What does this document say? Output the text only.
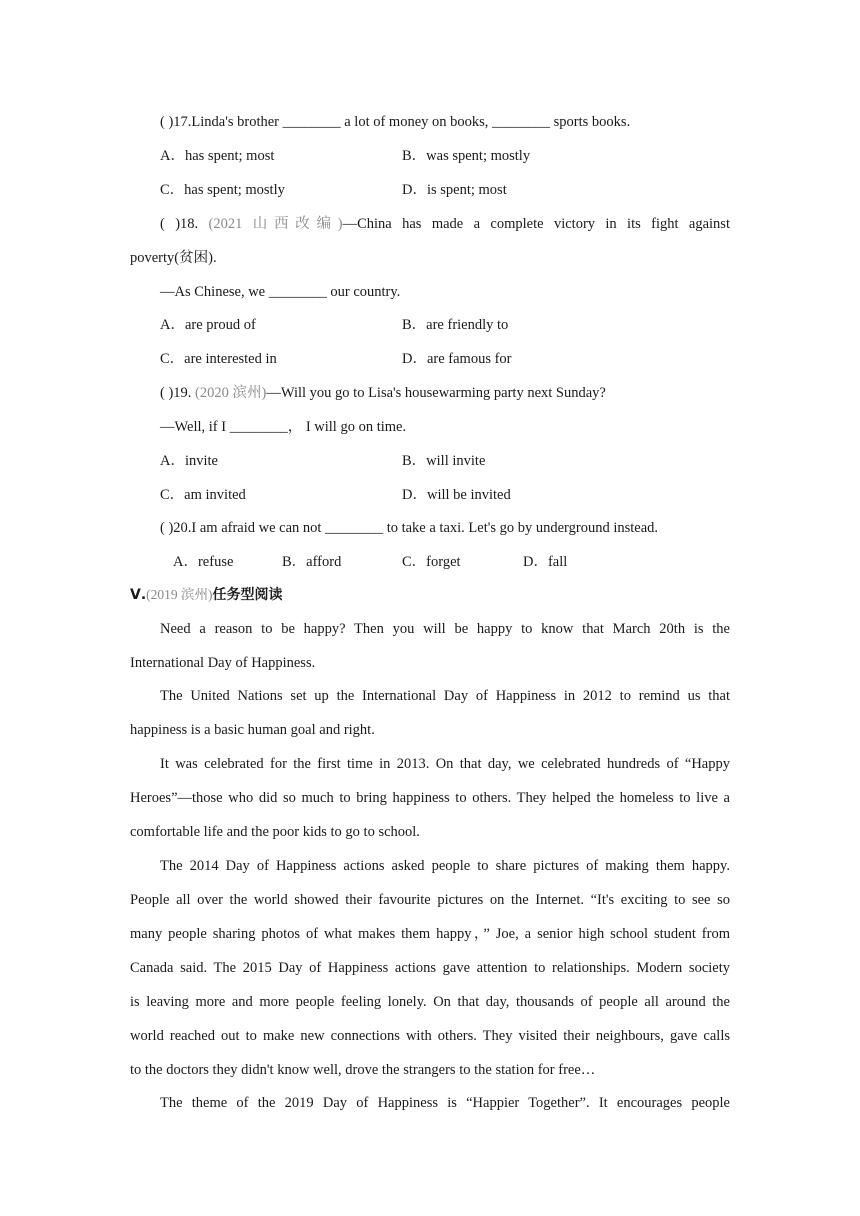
( )17.Linda's brother ________ a lot of money on books, ________ sports books.
A．has spent; most	B．was spent; mostly
C．has spent; mostly	D．is spent; most
( )18. (2021 山西改编)—China has made a complete victory in its fight against
poverty(贫困).
—As Chinese, we ________ our country.
A．are proud of	B．are friendly to
C．are interested in	D．are famous for
( )19. (2020 滨州)—Will you go to Lisa's housewarming party next Sunday?
—Well, if I ________， I will go on time.
A．invite	B．will invite
C．am invited	D．will be invited
( )20.I am afraid we can not ________ to take a taxi. Let's go by underground instead.
A．refuse	B．afford	C．forget	D．fall
Ⅴ.(2019 滨州)任务型阅读
Need a reason to be happy? Then you will be happy to know that March 20th is the
International Day of Happiness.
The United Nations set up the International Day of Happiness in 2012 to remind us that
happiness is a basic human goal and right.
It was celebrated for the first time in 2013. On that day, we celebrated hundreds of “Happy
Heroes”—those who did so much to bring happiness to others. They helped the homeless to live a
comfortable life and the poor kids to go to school.
The 2014 Day of Happiness actions asked people to share pictures of making them happy.
People all over the world showed their favourite pictures on the Internet. “It's exciting to see so
many people sharing photos of what makes them happy，” Joe, a senior high school student from
Canada said. The 2015 Day of Happiness actions gave attention to relationships. Modern society
is leaving more and more people feeling lonely. On that day, thousands of people all around the
world reached out to make new connections with others. They visited their neighbours, gave calls
to the doctors they didn't know well, drove the strangers to the station for free…
The theme of the 2019 Day of Happiness is “Happier Together”. It encourages people
